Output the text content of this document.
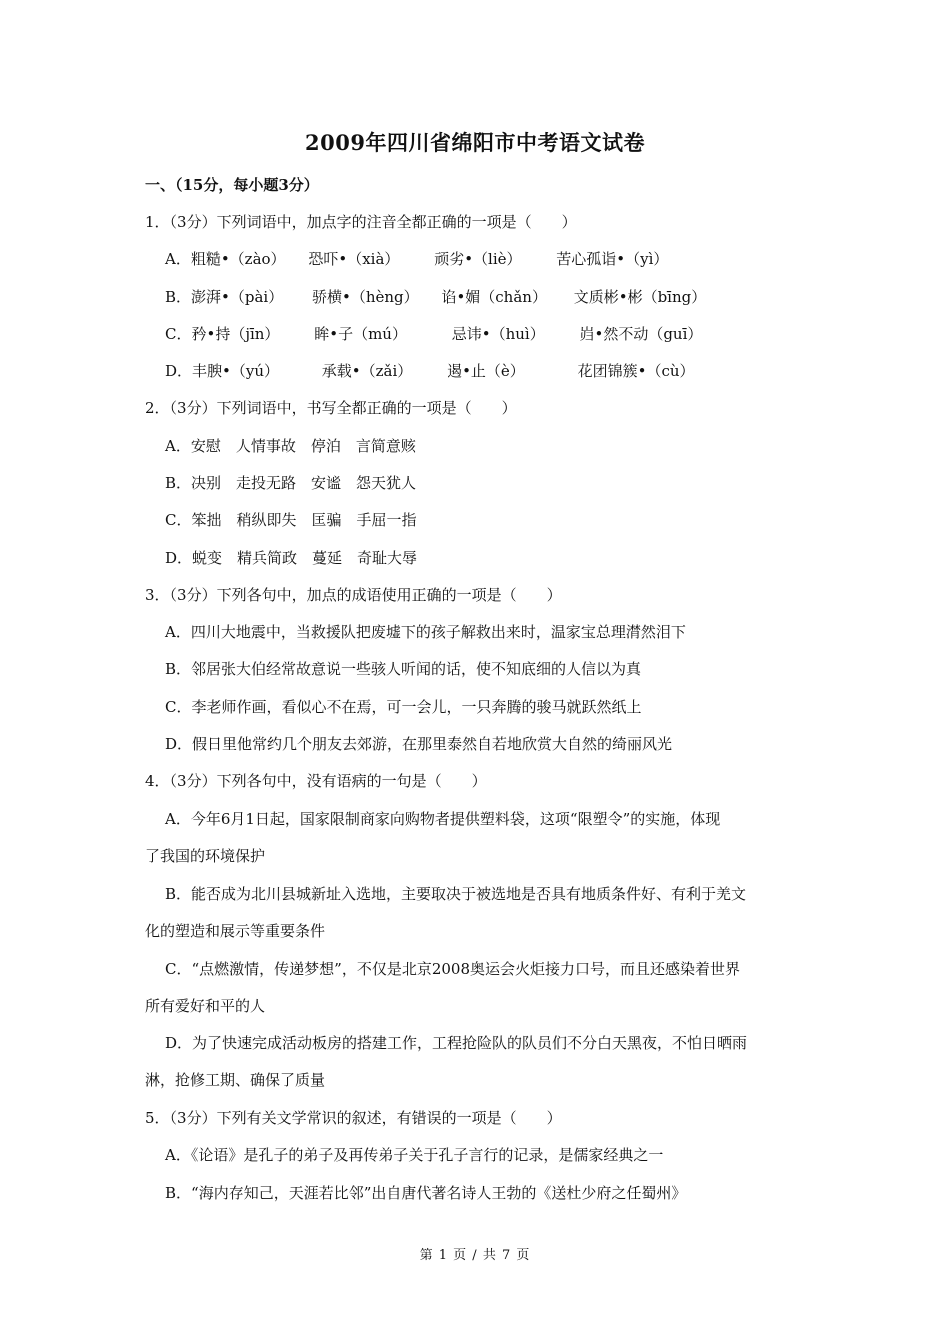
2009年四川省绵阳市中考语文试卷
一、（15分，每小题3分）
1．（3分）下列词语中，加点字的注音全都正确的一项是（　　）
A．粗糙•（zào） 恐吓•（xià） 顽劣•（liè） 苦心孤诣•（yì）
B．澎湃•（pài） 骄横•（hèng） 谄•媚（chǎn） 文质彬•彬（bīng）
C．矜•持（jīn） 眸•子（mú）	忌讳•（huì） 岿•然不动（guī）
D．丰腴•（yú）	承载•（zǎi） 遏•止（è）	花团锦簇•（cù）
2．（3分）下列词语中，书写全都正确的一项是（　　）
A．安慰　人情事故　停泊　言简意赅
B．决别　走投无路　安谧　怨天犹人
C．笨拙　稍纵即失　匡骗　手屈一指
D．蜕变　精兵简政　蔓延　奇耻大辱
3．（3分）下列各句中，加点的成语使用正确的一项是（　　）
A．四川大地震中，当救援队把废墟下的孩子解救出来时，温家宝总理潸然泪下
B．邻居张大伯经常故意说一些骇人听闻的话，使不知底细的人信以为真
C．李老师作画，看似心不在焉，可一会儿，一只奔腾的骏马就跃然纸上
D．假日里他常约几个朋友去郊游，在那里泰然自若地欣赏大自然的绮丽风光
4．（3分）下列各句中，没有语病的一句是（　　）
A．今年6月1日起，国家限制商家向购物者提供塑料袋，这项“限塑令”的实施，体现
了我国的环境保护
B．能否成为北川县城新址入选地，主要取决于被选地是否具有地质条件好、有利于羌文
化的塑造和展示等重要条件
C．“点燃激情，传递梦想”，不仅是北京2008奥运会火炬接力口号，而且还感染着世界
所有爱好和平的人
D．为了快速完成活动板房的搭建工作，工程抢险队的队员们不分白天黑夜，不怕日晒雨
淋，抢修工期、确保了质量
5．（3分）下列有关文学常识的叙述，有错误的一项是（　　）
A．《论语》是孔子的弟子及再传弟子关于孔子言行的记录，是儒家经典之一
B．“海内存知己，天涯若比邻”出自唐代著名诗人王勃的《送杜少府之任蜀州》
第 1 页 / 共 7 页
